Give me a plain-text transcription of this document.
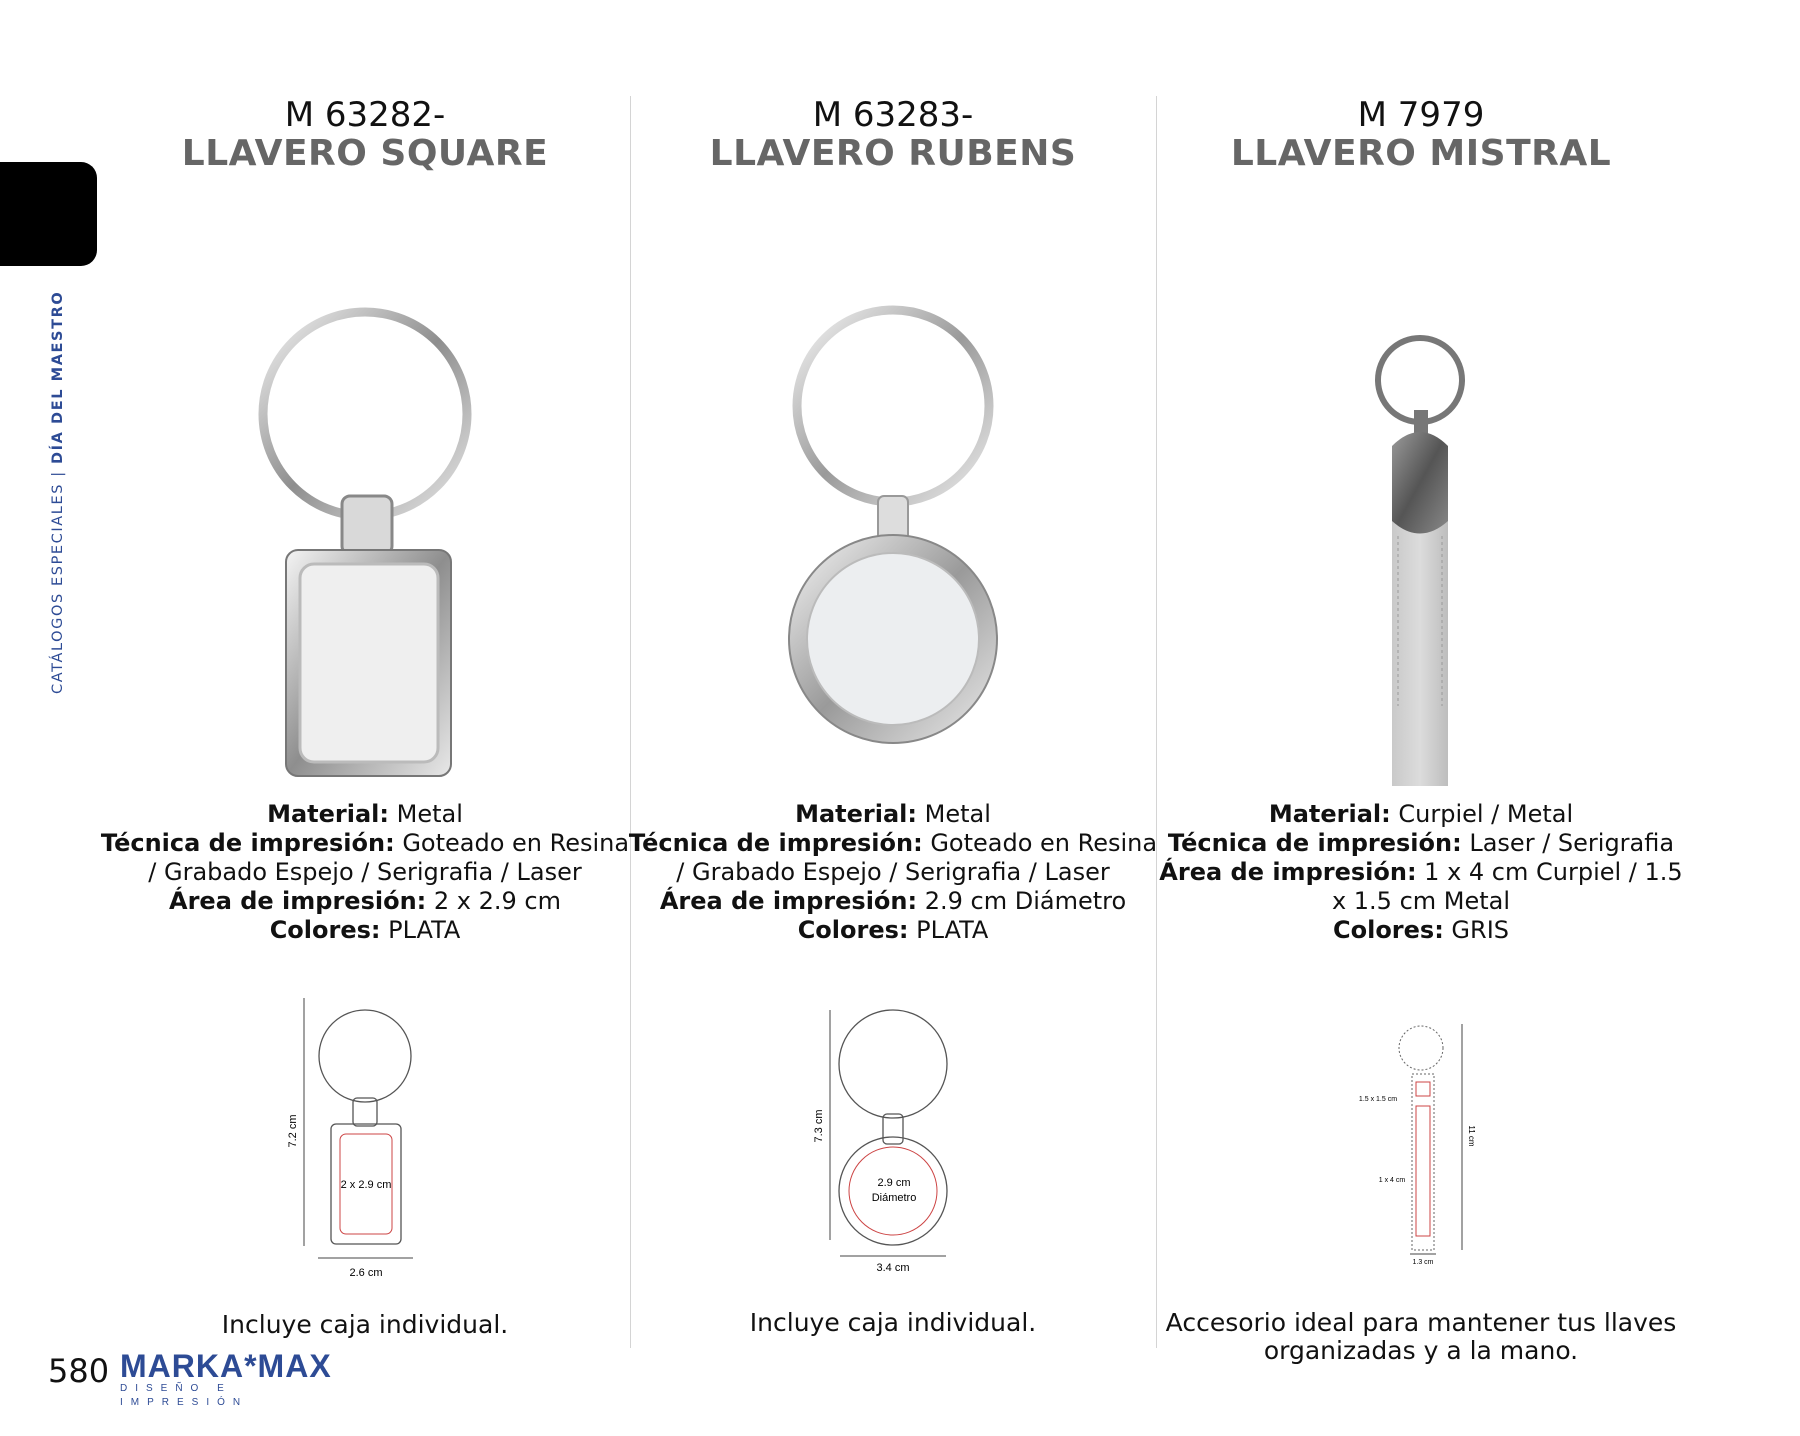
CATÁLOGOS ESPECIALES | DÍA DEL MAESTRO
M 63282-
LLAVERO SQUARE
Material: Metal
Técnica de impresión: Goteado en Resina / Grabado Espejo / Serigrafia / Laser
Área de impresión: 2 x 2.9 cm
Colores: PLATA
7.2 cm
2 x 2.9 cm
2.6 cm
Incluye caja individual.
M 63283-
LLAVERO RUBENS
Material: Metal
Técnica de impresión: Goteado en Resina / Grabado Espejo / Serigrafia / Laser
Área de impresión: 2.9 cm Diámetro
Colores: PLATA
7.3 cm
2.9 cm
Diámetro
3.4 cm
Incluye caja individual.
M 7979
LLAVERO MISTRAL
Material: Curpiel / Metal
Técnica de impresión: Laser / Serigrafia
Área de impresión: 1 x 4 cm Curpiel / 1.5 x 1.5 cm Metal
Colores: GRIS
11 cm
1.5 x 1.5 cm
1 x 4 cm
1.3 cm
Accesorio ideal para mantener tus llaves organizadas y a la mano.
580 MARKA*MAX
DISEÑO E IMPRESIÓN
